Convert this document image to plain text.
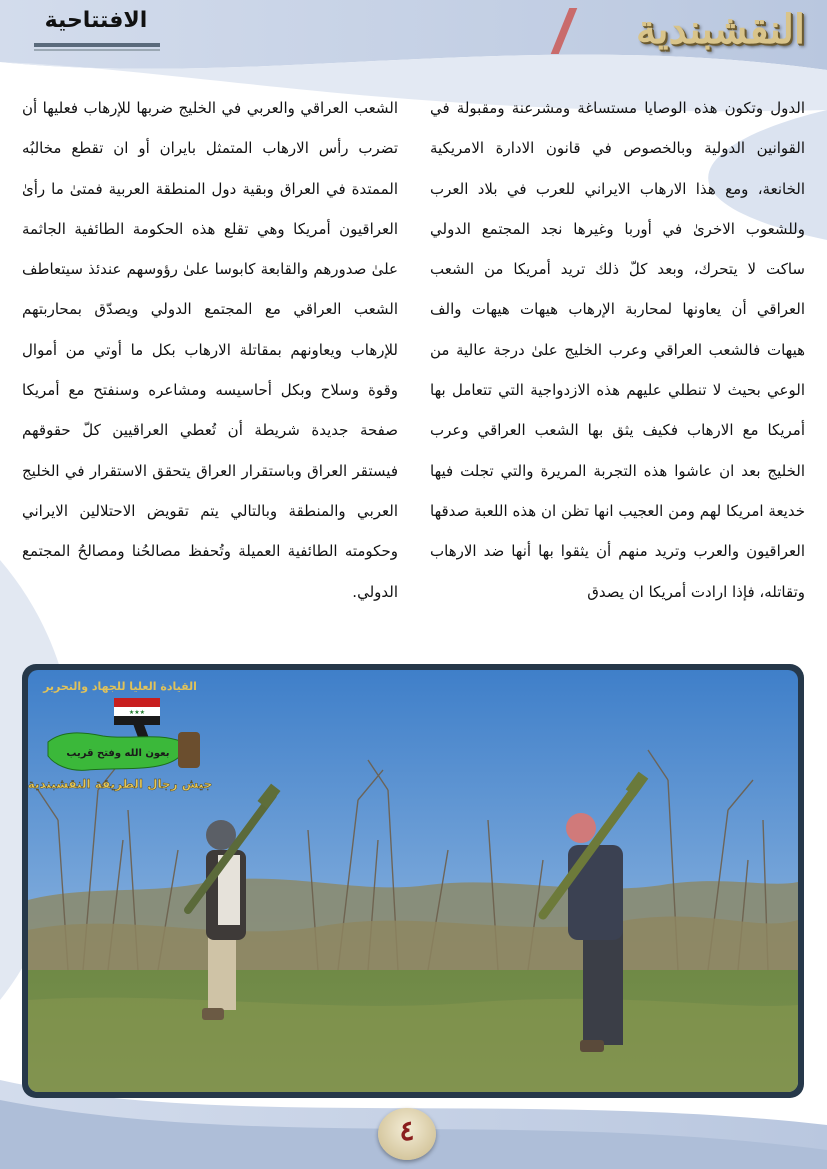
النقشبندية
الافتتاحية

الدول وتكون هذه الوصايا مستساغة ومشرعنة ومقبولة في القوانين الدولية وبالخصوص في قانون الادارة الامريكية الخانعة، ومع هذا الارهاب الايراني للعرب في بلاد العرب وللشعوب الاخرىٰ في أوربا وغيرها نجد المجتمع الدولي ساكت لا يتحرك، وبعد كلّ ذلك تريد أمريكا من الشعب العراقي أن يعاونها لمحاربة الإرهاب هيهات هيهات والف هيهات فالشعب العراقي وعرب الخليج علىٰ درجة عالية من الوعي بحيث لا تنطلي عليهم هذه الازدواجية التي تتعامل بها أمريكا مع الارهاب فكيف يثق بها الشعب العراقي وعرب الخليج بعد ان عاشوا هذه التجربة المريرة والتي تجلت فيها خديعة امريكا لهم ومن العجيب انها تظن ان هذه اللعبة صدقها العراقيون والعرب وتريد منهم أن يثقوا بها أنها ضد الارهاب وتقاتله، فإذا ارادت أمريكا ان يصدق

الشعب العراقي والعربي في الخليج ضربها للإرهاب فعليها أن تضرب رأس الارهاب المتمثل بايران أو ان تقطع مخالبُه الممتدة في العراق وبقية دول المنطقة العربية فمتىٰ ما رأىٰ العراقيون أمريكا وهي تقلع هذه الحكومة الطائفية الجاثمة علىٰ صدورهم والقابعة كابوسا علىٰ رؤوسهم عندئذ سيتعاطف الشعب العراقي مع المجتمع الدولي ويصدّق بمحاربتهم للإرهاب ويعاونهم بمقاتلة الارهاب بكل ما أوتي من أموال وقوة وسلاح وبكل أحاسيسه ومشاعره وسنفتح مع أمريكا صفحة جديدة شريطة أن تُعطي العراقيين كلّ حقوقهم فيستقر العراق وباستقرار العراق يتحقق الاستقرار في الخليج العربي والمنطقة وبالتالي يتم تقويض الاحتلالين الايراني وحكومته الطائفية العميلة وتُحفظ مصالحُنا ومصالحُ المجتمع الدولي.

★★★
القيادة العليا للجهاد والتحرير
بعون الله وفتح قريب
جيش رجال الطريقة النقشبندية
٤
